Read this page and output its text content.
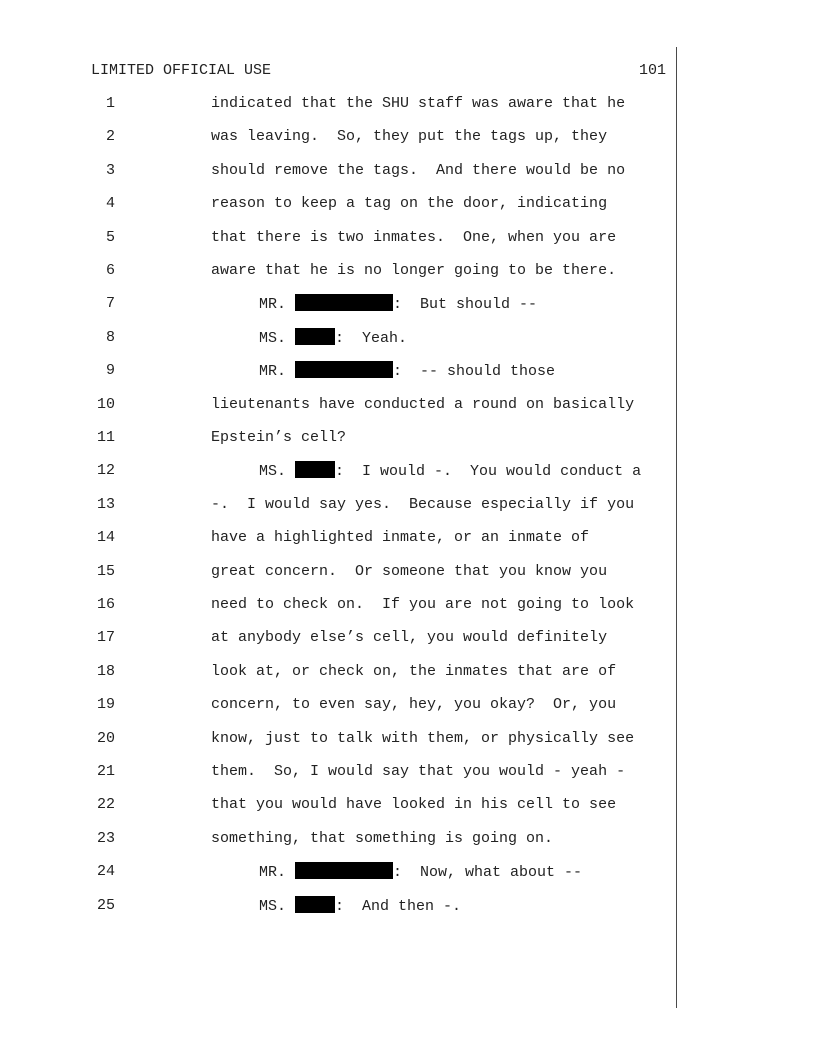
LIMITED OFFICIAL USE	101
1	indicated that the SHU staff was aware that he
2	was leaving.  So, they put the tags up, they
3	should remove the tags.  And there would be no
4	reason to keep a tag on the door, indicating
5	that there is two inmates.  One, when you are
6	aware that he is no longer going to be there.
7	MR.	:  But should --
8	MS.	:  Yeah.
9	MR.	:  -- should those
10	lieutenants have conducted a round on basically
11	Epstein’s cell?
12	MS.	:  I would -.  You would conduct a
13	-.  I would say yes.  Because especially if you
14	have a highlighted inmate, or an inmate of
15	great concern.  Or someone that you know you
16	need to check on.  If you are not going to look
17	at anybody else’s cell, you would definitely
18	look at, or check on, the inmates that are of
19	concern, to even say, hey, you okay?  Or, you
20	know, just to talk with them, or physically see
21	them.  So, I would say that you would - yeah -
22	that you would have looked in his cell to see
23	something, that something is going on.
24	MR.	:  Now, what about --
25	MS.	:  And then -.
